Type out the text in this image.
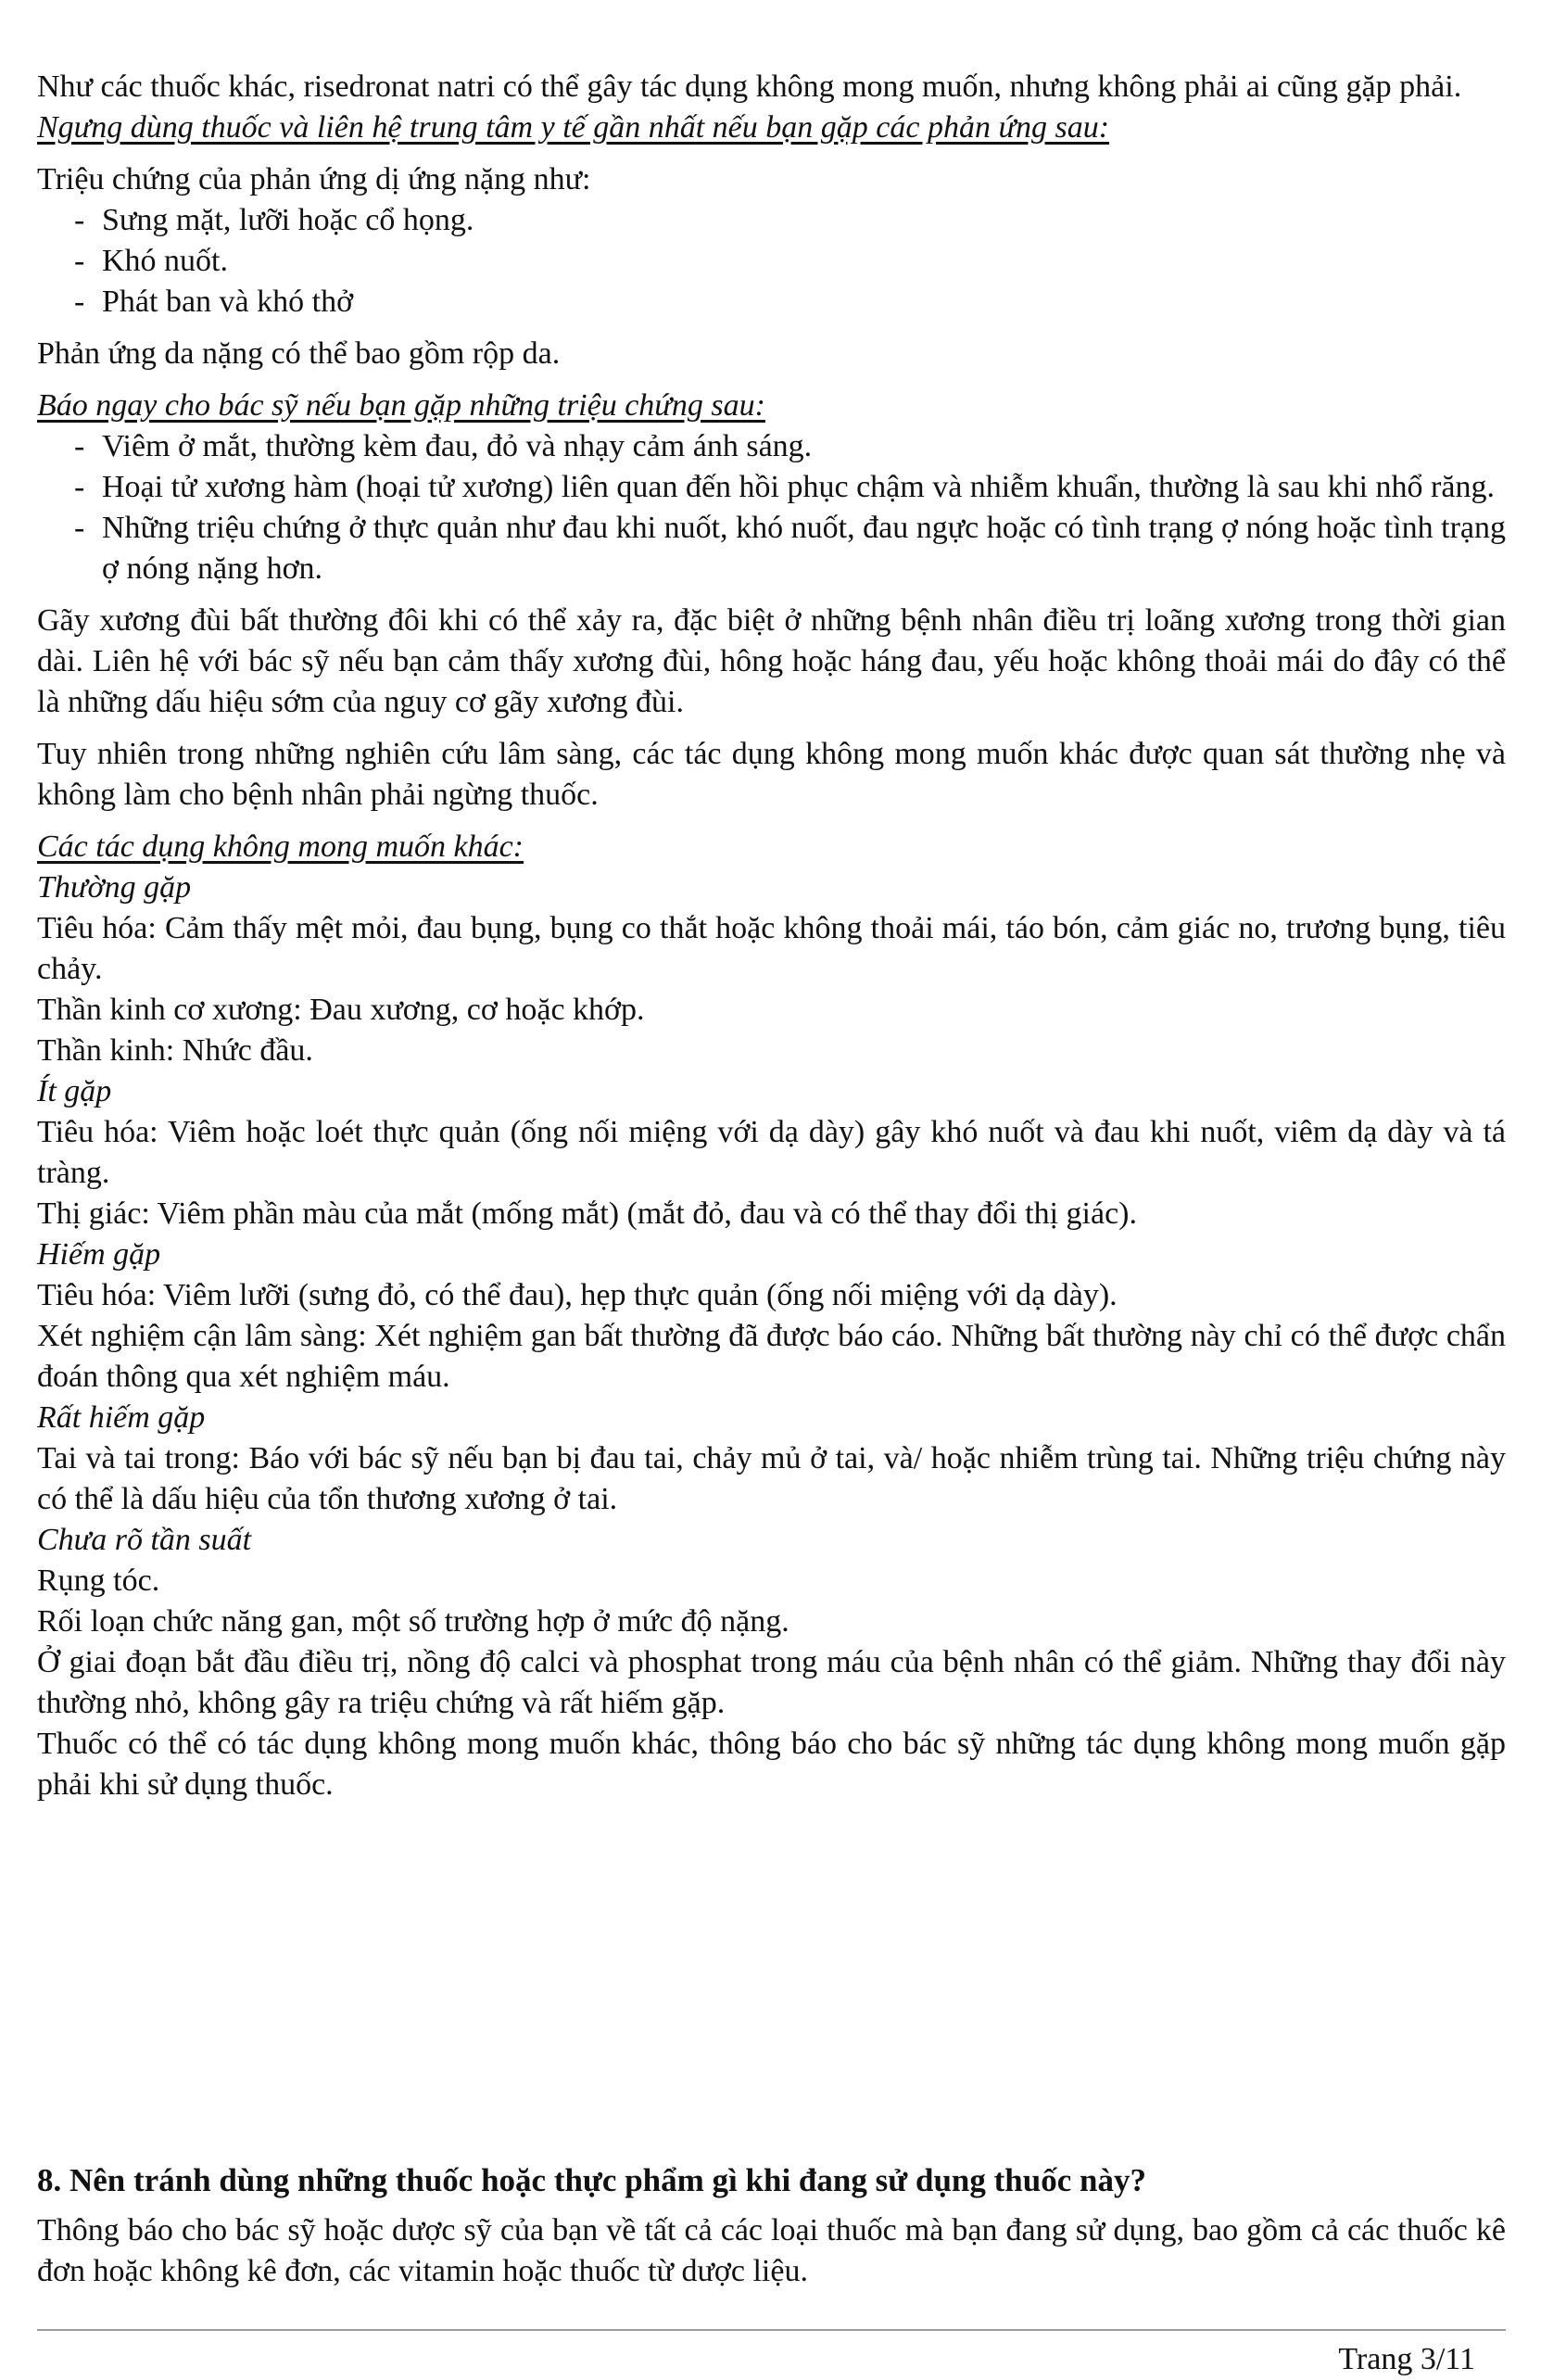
Như các thuốc khác, risedronat natri có thể gây tác dụng không mong muốn, nhưng không phải ai cũng gặp phải.

Ngưng dùng thuốc và liên hệ trung tâm y tế gần nhất nếu bạn gặp các phản ứng sau:

Triệu chứng của phản ứng dị ứng nặng như:

- Sưng mặt, lưỡi hoặc cổ họng.
- Khó nuốt.
- Phát ban và khó thở

Phản ứng da nặng có thể bao gồm rộp da.

Báo ngay cho bác sỹ nếu bạn gặp những triệu chứng sau:

- Viêm ở mắt, thường kèm đau, đỏ và nhạy cảm ánh sáng.
- Hoại tử xương hàm (hoại tử xương) liên quan đến hồi phục chậm và nhiễm khuẩn, thường là sau khi nhổ răng.
- Những triệu chứng ở thực quản như đau khi nuốt, khó nuốt, đau ngực hoặc có tình trạng ợ nóng hoặc tình trạng ợ nóng nặng hơn.

Gãy xương đùi bất thường đôi khi có thể xảy ra, đặc biệt ở những bệnh nhân điều trị loãng xương trong thời gian dài. Liên hệ với bác sỹ nếu bạn cảm thấy xương đùi, hông hoặc háng đau, yếu hoặc không thoải mái do đây có thể là những dấu hiệu sớm của nguy cơ gãy xương đùi.

Tuy nhiên trong những nghiên cứu lâm sàng, các tác dụng không mong muốn khác được quan sát thường nhẹ và không làm cho bệnh nhân phải ngừng thuốc.

Các tác dụng không mong muốn khác:

Thường gặp

Tiêu hóa: Cảm thấy mệt mỏi, đau bụng, bụng co thắt hoặc không thoải mái, táo bón, cảm giác no, trương bụng, tiêu chảy.

Thần kinh cơ xương: Đau xương, cơ hoặc khớp.

Thần kinh: Nhức đầu.

Ít gặp

Tiêu hóa: Viêm hoặc loét thực quản (ống nối miệng với dạ dày) gây khó nuốt và đau khi nuốt, viêm dạ dày và tá tràng.

Thị giác: Viêm phần màu của mắt (mống mắt) (mắt đỏ, đau và có thể thay đổi thị giác).

Hiếm gặp

Tiêu hóa: Viêm lưỡi (sưng đỏ, có thể đau), hẹp thực quản (ống nối miệng với dạ dày).

Xét nghiệm cận lâm sàng: Xét nghiệm gan bất thường đã được báo cáo. Những bất thường này chỉ có thể được chẩn đoán thông qua xét nghiệm máu.

Rất hiếm gặp

Tai và tai trong: Báo với bác sỹ nếu bạn bị đau tai, chảy mủ ở tai, và/ hoặc nhiễm trùng tai. Những triệu chứng này có thể là dấu hiệu của tổn thương xương ở tai.

Chưa rõ tần suất

Rụng tóc.

Rối loạn chức năng gan, một số trường hợp ở mức độ nặng.

Ở giai đoạn bắt đầu điều trị, nồng độ calci và phosphat trong máu của bệnh nhân có thể giảm. Những thay đổi này thường nhỏ, không gây ra triệu chứng và rất hiếm gặp.

Thuốc có thể có tác dụng không mong muốn khác, thông báo cho bác sỹ những tác dụng không mong muốn gặp phải khi sử dụng thuốc.

8. Nên tránh dùng những thuốc hoặc thực phẩm gì khi đang sử dụng thuốc này?

Thông báo cho bác sỹ hoặc dược sỹ của bạn về tất cả các loại thuốc mà bạn đang sử dụng, bao gồm cả các thuốc kê đơn hoặc không kê đơn, các vitamin hoặc thuốc từ dược liệu.

Trang 3/11
